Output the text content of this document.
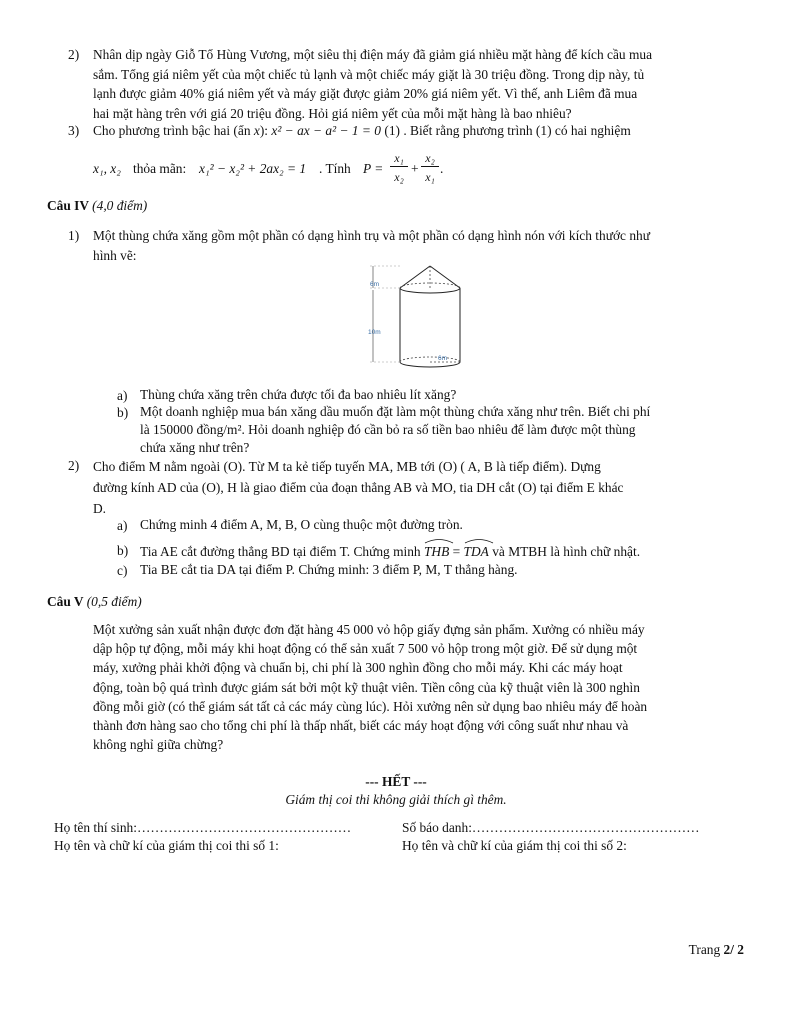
2) Nhân dịp ngày Giỗ Tổ Hùng Vương, một siêu thị điện máy đã giảm giá nhiều mặt hàng để kích cầu mua
sắm. Tổng giá niêm yết của một chiếc tủ lạnh và một chiếc máy giặt là 30 triệu đồng. Trong dịp này, tủ
lạnh được giảm 40% giá niêm yết và máy giặt được giảm 20% giá niêm yết. Vì thế, anh Liêm đã mua
hai mặt hàng trên với giá 20 triệu đồng. Hỏi giá niêm yết của mỗi mặt hàng là bao nhiêu?
3) Cho phương trình bậc hai (ẩn x): x² − ax − a² − 1 = 0 (1) . Biết rằng phương trình (1) có hai nghiệm
x₁, x₂ thỏa mãn: x₁² − x₂² + 2ax₂ = 1 . Tính P =
x₁
x₂
+
x₂
x₁
.
Câu IV (4,0 điểm)
1) Một thùng chứa xăng gồm một phần có dạng hình trụ và một phần có dạng hình nón với kích thước như
hình vẽ:
6m
10m
6m
a) Thùng chứa xăng trên chứa được tối đa bao nhiêu lít xăng?
b) Một doanh nghiệp mua bán xăng dầu muốn đặt làm một thùng chứa xăng như trên. Biết chi phí
là 150000 đồng/m². Hỏi doanh nghiệp đó cần bỏ ra số tiền bao nhiêu để làm được một thùng
chứa xăng như trên?
2) Cho điểm M nằm ngoài (O). Từ M ta kẻ tiếp tuyến MA, MB tới (O) ( A, B là tiếp điểm). Dựng
đường kính AD của (O), H là giao điểm của đoạn thẳng AB và MO, tia DH cắt (O) tại điểm E khác
D.
a) Chứng minh 4 điểm A, M, B, O cùng thuộc một đường tròn.
b) Tia AE cắt đường thẳng BD tại điểm T. Chứng minh THB = TDA và MTBH là hình chữ nhật.
c) Tia BE cắt tia DA tại điểm P. Chứng minh: 3 điểm P, M, T thẳng hàng.
Câu V (0,5 điểm)
Một xưởng sản xuất nhận được đơn đặt hàng 45 000 vỏ hộp giấy đựng sản phẩm. Xưởng có nhiều máy
dập hộp tự động, mỗi máy khi hoạt động có thể sản xuất 7 500 vỏ hộp trong một giờ. Để sử dụng một
máy, xưởng phải khởi động và chuẩn bị, chi phí là 300 nghìn đồng cho mỗi máy. Khi các máy hoạt
động, toàn bộ quá trình được giám sát bởi một kỹ thuật viên. Tiền công của kỹ thuật viên là 300 nghìn
đồng mỗi giờ (có thể giám sát tất cả các máy cùng lúc). Hỏi xưởng nên sử dụng bao nhiêu máy để hoàn
thành đơn hàng sao cho tổng chi phí là thấp nhất, biết các máy hoạt động với công suất như nhau và
không nghỉ giữa chừng?
--- HẾT ---
Giám thị coi thi không giải thích gì thêm.
Họ tên thí sinh:…………………………………………	Số báo danh:……………………………………………
Họ tên và chữ kí của giám thị coi thi số 1:	Họ tên và chữ kí của giám thị coi thi số 2:
Trang 2/ 2
